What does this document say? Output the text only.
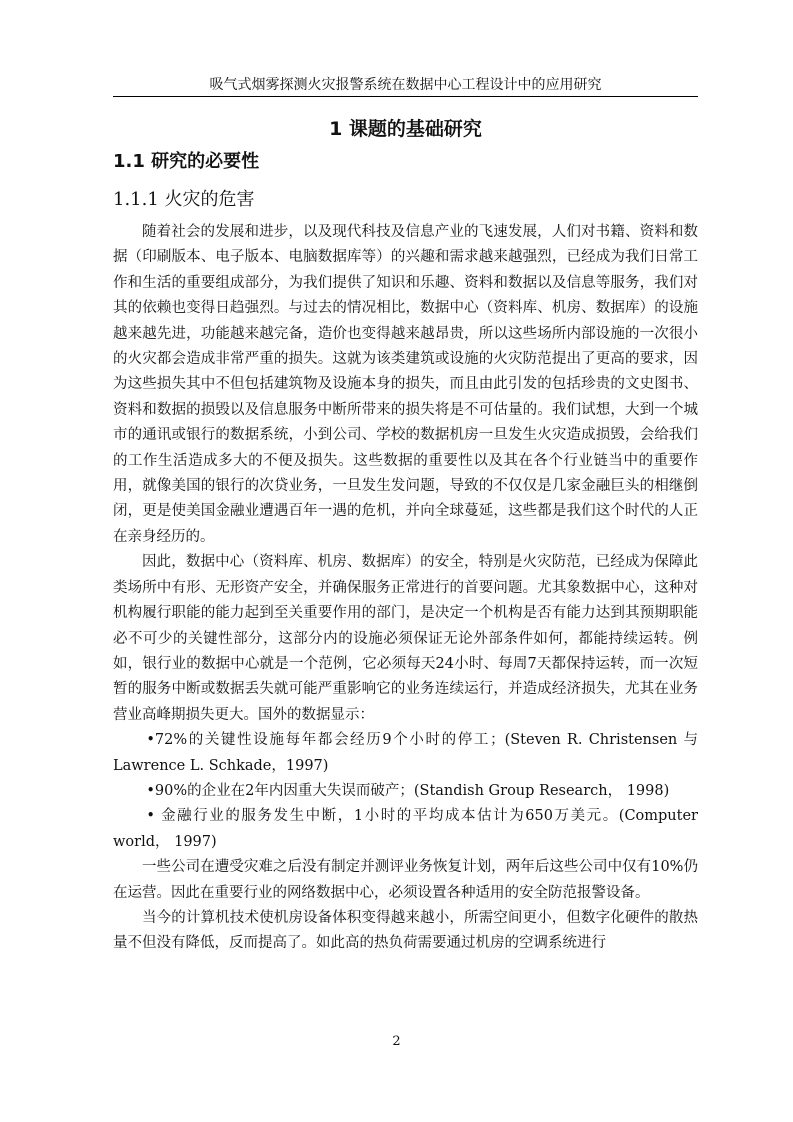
吸气式烟雾探测火灾报警系统在数据中心工程设计中的应用研究
1 课题的基础研究
1.1 研究的必要性
1.1.1 火灾的危害

随着社会的发展和进步，以及现代科技及信息产业的飞速发展，人们对书籍、资料和数据（印刷版本、电子版本、电脑数据库等）的兴趣和需求越来越强烈，已经成为我们日常工作和生活的重要组成部分，为我们提供了知识和乐趣、资料和数据以及信息等服务，我们对其的依赖也变得日趋强烈。与过去的情况相比，数据中心（资料库、机房、数据库）的设施越来越先进，功能越来越完备，造价也变得越来越昂贵，所以这些场所内部设施的一次很小的火灾都会造成非常严重的损失。这就为该类建筑或设施的火灾防范提出了更高的要求，因为这些损失其中不但包括建筑物及设施本身的损失，而且由此引发的包括珍贵的文史图书、资料和数据的损毁以及信息服务中断所带来的损失将是不可估量的。我们试想，大到一个城市的通讯或银行的数据系统，小到公司、学校的数据机房一旦发生火灾造成损毁，会给我们的工作生活造成多大的不便及损失。这些数据的重要性以及其在各个行业链当中的重要作用，就像美国的银行的次贷业务，一旦发生发问题，导致的不仅仅是几家金融巨头的相继倒闭，更是使美国金融业遭遇百年一遇的危机，并向全球蔓延，这些都是我们这个时代的人正在亲身经历的。

因此，数据中心（资料库、机房、数据库）的安全，特别是火灾防范，已经成为保障此类场所中有形、无形资产安全，并确保服务正常进行的首要问题。尤其象数据中心，这种对机构履行职能的能力起到至关重要作用的部门，是决定一个机构是否有能力达到其预期职能必不可少的关键性部分，这部分内的设施必须保证无论外部条件如何，都能持续运转。例如，银行业的数据中心就是一个范例，它必须每天24小时、每周7天都保持运转，而一次短暂的服务中断或数据丢失就可能严重影响它的业务连续运行，并造成经济损失，尤其在业务营业高峰期损失更大。国外的数据显示：

•72%的关键性设施每年都会经历9个小时的停工；(Steven R. Christensen 与Lawrence L. Schkade，1997)

•90%的企业在2年内因重大失误而破产；(Standish Group Research， 1998)

• 金融行业的服务发生中断，1小时的平均成本估计为650万美元。(Computer world， 1997)

一些公司在遭受灾难之后没有制定并测评业务恢复计划，两年后这些公司中仅有10%仍在运营。因此在重要行业的网络数据中心，必须设置各种适用的安全防范报警设备。

当今的计算机技术使机房设备体积变得越来越小，所需空间更小，但数字化硬件的散热量不但没有降低，反而提高了。如此高的热负荷需要通过机房的空调系统进行

2
